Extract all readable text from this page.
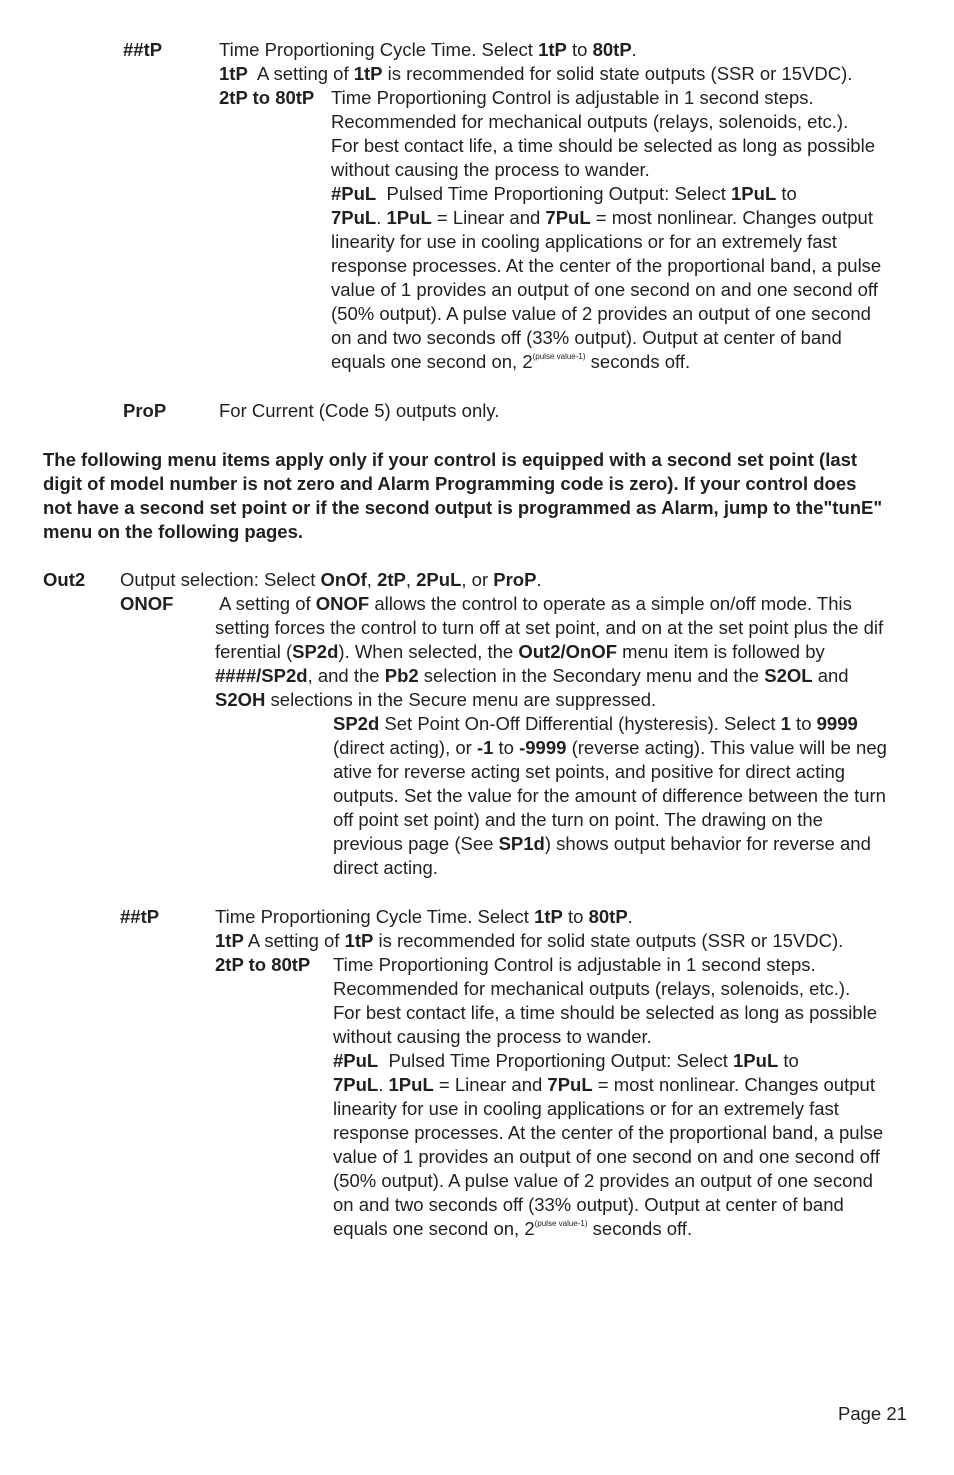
##tP	Time Proportioning Cycle Time. Select 1tP to 80tP.
1tP  A setting of 1tP is recommended for solid state outputs (SSR or 15VDC).
2tP to 80tP Time Proportioning Control is adjustable in 1 second steps.
Recommended for mechanical outputs (relays, solenoids, etc.).
For best contact life, a time should be selected as long as possible
without causing the process to wander.
#PuL  Pulsed Time Proportioning Output: Select 1PuL to
7PuL. 1PuL = Linear and 7PuL = most nonlinear. Changes output
linearity for use in cooling applications or for an extremely fast
response processes. At the center of the proportional band, a pulse
value of 1 provides an output of one second on and one second off
(50% output). A pulse value of 2 provides an output of one second
on and two seconds off (33% output). Output at center of band
equals one second on, $2^{(pulse value-1)}$ seconds off.
ProP	For Current (Code 5) outputs only.
The following menu items apply only if your control is equipped with a second set point (last
digit of model number is not zero and Alarm Programming code is zero). If your control does
not have a second set point or if the second output is programmed as Alarm, jump to the"tunE"
menu on the following pages.
Out2 Output selection: Select OnOf, 2tP, 2PuL, or ProP.
ONOF A setting of ONOF allows the control to operate as a simple on/off mode. This
setting forces the control to turn off at set point, and on at the set point plus the dif
ferential (SP2d). When selected, the Out2/OnOF menu item is followed by
####/SP2d, and the Pb2 selection in the Secondary menu and the S2OL and
S2OH selections in the Secure menu are suppressed.
SP2d Set Point On-Off Differential (hysteresis). Select 1 to 9999
(direct acting), or -1 to -9999 (reverse acting). This value will be neg
ative for reverse acting set points, and positive for direct acting
outputs. Set the value for the amount of difference between the turn
off point set point) and the turn on point. The drawing on the
previous page (See SP1d) shows output behavior for reverse and
direct acting.
##tP	Time Proportioning Cycle Time. Select 1tP to 80tP.
1tP A setting of 1tP is recommended for solid state outputs (SSR or 15VDC).
2tP to 80tP Time Proportioning Control is adjustable in 1 second steps.
Recommended for mechanical outputs (relays, solenoids, etc.).
For best contact life, a time should be selected as long as possible
without causing the process to wander.
#PuL  Pulsed Time Proportioning Output: Select 1PuL to
7PuL. 1PuL = Linear and 7PuL = most nonlinear. Changes output
linearity for use in cooling applications or for an extremely fast
response processes. At the center of the proportional band, a pulse
value of 1 provides an output of one second on and one second off
(50% output). A pulse value of 2 provides an output of one second
on and two seconds off (33% output). Output at center of band
equals one second on, $2^{(pulse value-1)}$ seconds off.
Page 21
